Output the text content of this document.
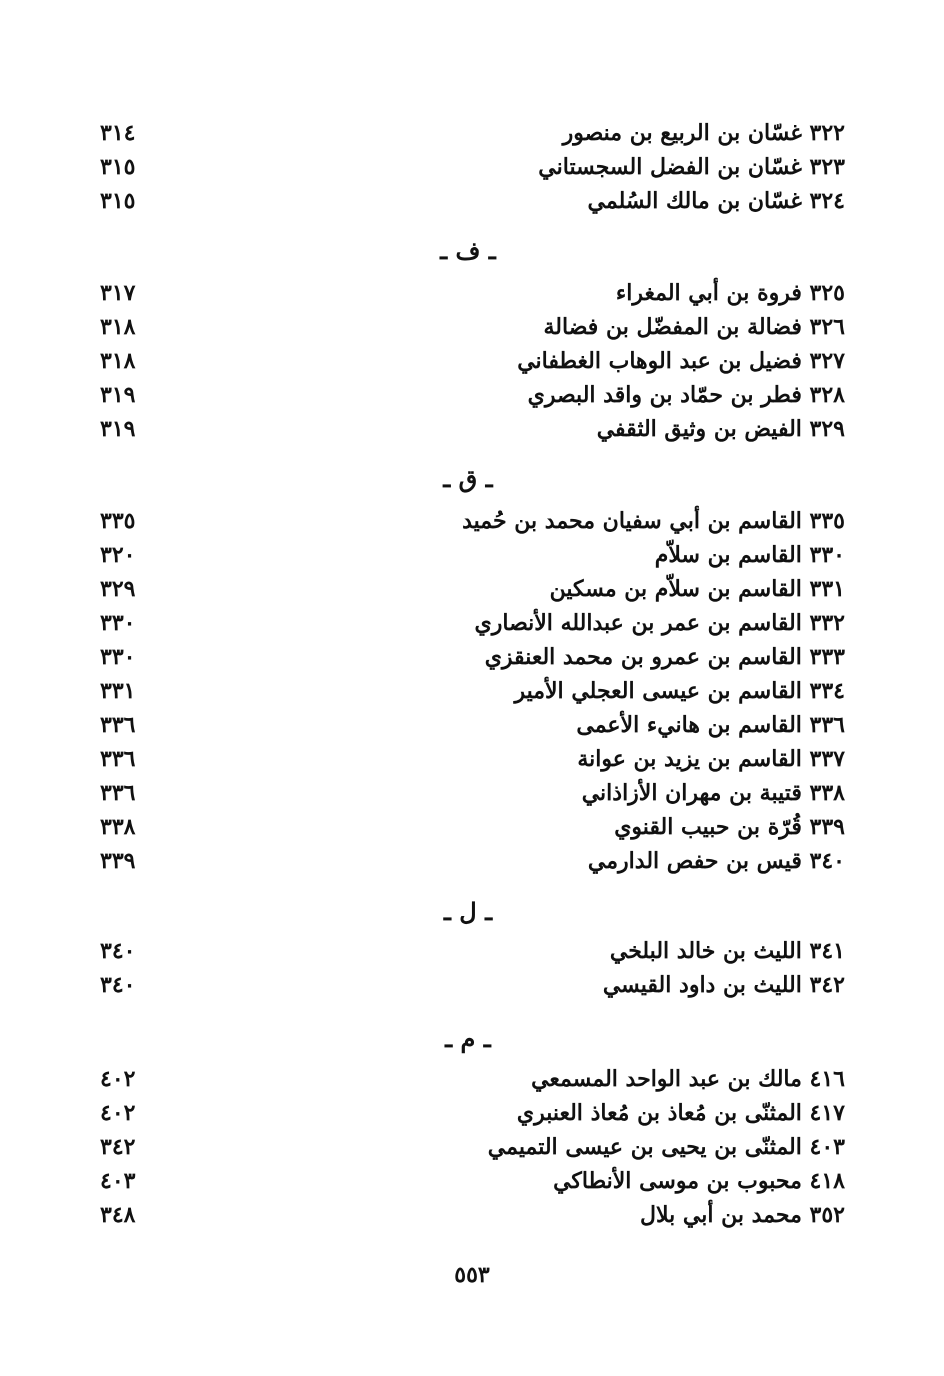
٣٢٢ غسّان بن الربيع بن منصور
٣١٤
٣٢٣ غسّان بن الفضل السجستاني
٣١٥
٣٢٤ غسّان بن مالك السُلمي
٣١٥
ـ ف ـ
٣٢٥ فروة بن أبي المغراء
٣١٧
٣٢٦ فضالة بن المفضّل بن فضالة
٣١٨
٣٢٧ فضيل بن عبد الوهاب الغطفاني
٣١٨
٣٢٨ فطر بن حمّاد بن واقد البصري
٣١٩
٣٢٩ الفيض بن وثيق الثقفي
٣١٩
ـ ق ـ
٣٣٥ القاسم بن أبي سفيان محمد بن حُميد
٣٣٥
٣٣٠ القاسم بن سلاّم
٣٢٠
٣٣١ القاسم بن سلاّم بن مسكين
٣٢٩
٣٣٢ القاسم بن عمر بن عبدالله الأنصاري
٣٣٠
٣٣٣ القاسم بن عمرو بن محمد العنقزي
٣٣٠
٣٣٤ القاسم بن عيسى العجلي الأمير
٣٣١
٣٣٦ القاسم بن هانيء الأعمى
٣٣٦
٣٣٧ القاسم بن يزيد بن عوانة
٣٣٦
٣٣٨ قتيبة بن مهران الأزاذاني
٣٣٦
٣٣٩ قُرّة بن حبيب القنوي
٣٣٨
٣٤٠ قيس بن حفص الدارمي
٣٣٩
ـ ل ـ
٣٤١ الليث بن خالد البلخي
٣٤٠
٣٤٢ الليث بن داود القيسي
٣٤٠
ـ م ـ
٤١٦ مالك بن عبد الواحد المسمعي
٤٠٢
٤١٧ المثنّى بن مُعاذ بن مُعاذ العنبري
٤٠٢
٤٠٣ المثنّى بن يحيى بن عيسى التميمي
٣٤٢
٤١٨ محبوب بن موسى الأنطاكي
٤٠٣
٣٥٢ محمد بن أبي بلال
٣٤٨
٥٥٣
